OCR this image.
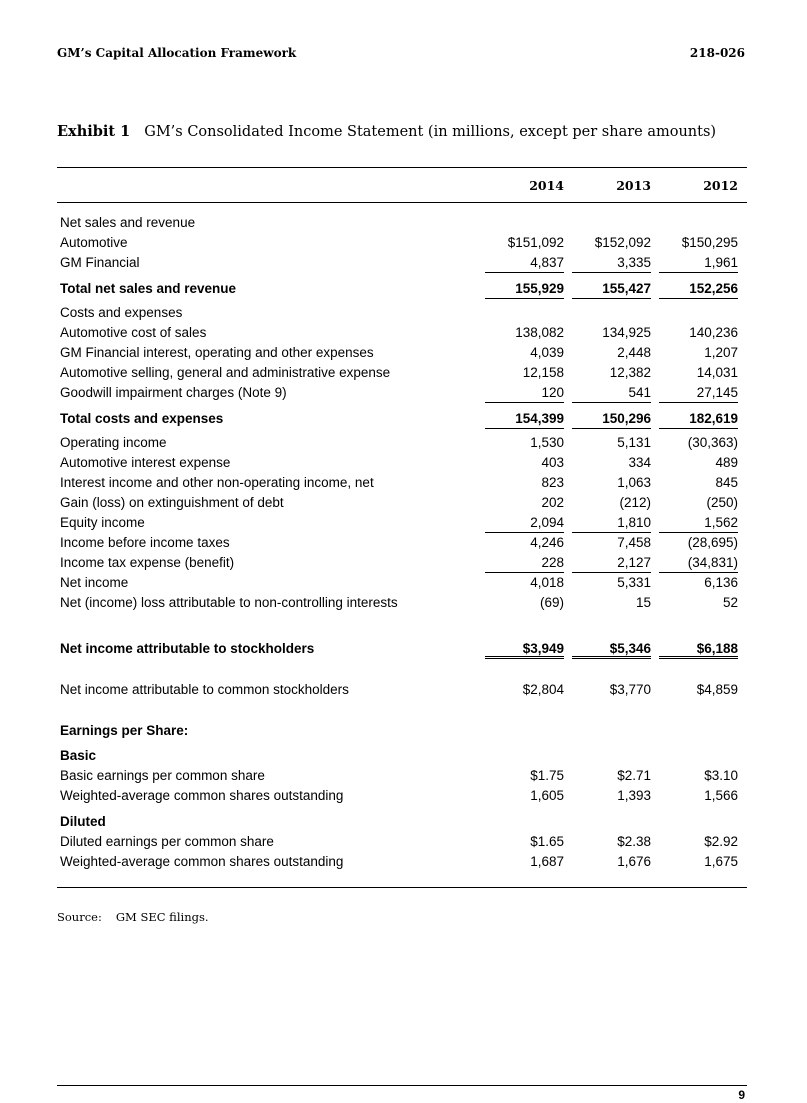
GM’s Capital Allocation Framework	218-026
Exhibit 1 GM’s Consolidated Income Statement (in millions, except per share amounts)
2014	2013	2012
Net sales and revenue
Automotive	$151,092	$152,092	$150,295
GM Financial	4,837	3,335	1,961
Total net sales and revenue	155,929	155,427	152,256
Costs and expenses
Automotive cost of sales	138,082	134,925	140,236
GM Financial interest, operating and other expenses	4,039	2,448	1,207
Automotive selling, general and administrative expense	12,158	12,382	14,031
Goodwill impairment charges (Note 9)	120	541	27,145
Total costs and expenses	154,399	150,296	182,619
Operating income	1,530	5,131	(30,363)
Automotive interest expense	403	334	489
Interest income and other non-operating income, net	823	1,063	845
Gain (loss) on extinguishment of debt	202	(212)	(250)
Equity income	2,094	1,810	1,562
Income before income taxes	4,246	7,458	(28,695)
Income tax expense (benefit)	228	2,127	(34,831)
Net income	4,018	5,331	6,136
Net (income) loss attributable to non-controlling interests	(69)	15	52
Net income attributable to stockholders	$3,949	$5,346	$6,188
Net income attributable to common stockholders	$2,804	$3,770	$4,859
Earnings per Share:
Basic
Basic earnings per common share	$1.75	$2.71	$3.10
Weighted-average common shares outstanding	1,605	1,393	1,566
Diluted
Diluted earnings per common share	$1.65	$2.38	$2.92
Weighted-average common shares outstanding	1,687	1,676	1,675
Source: GM SEC filings.
9
